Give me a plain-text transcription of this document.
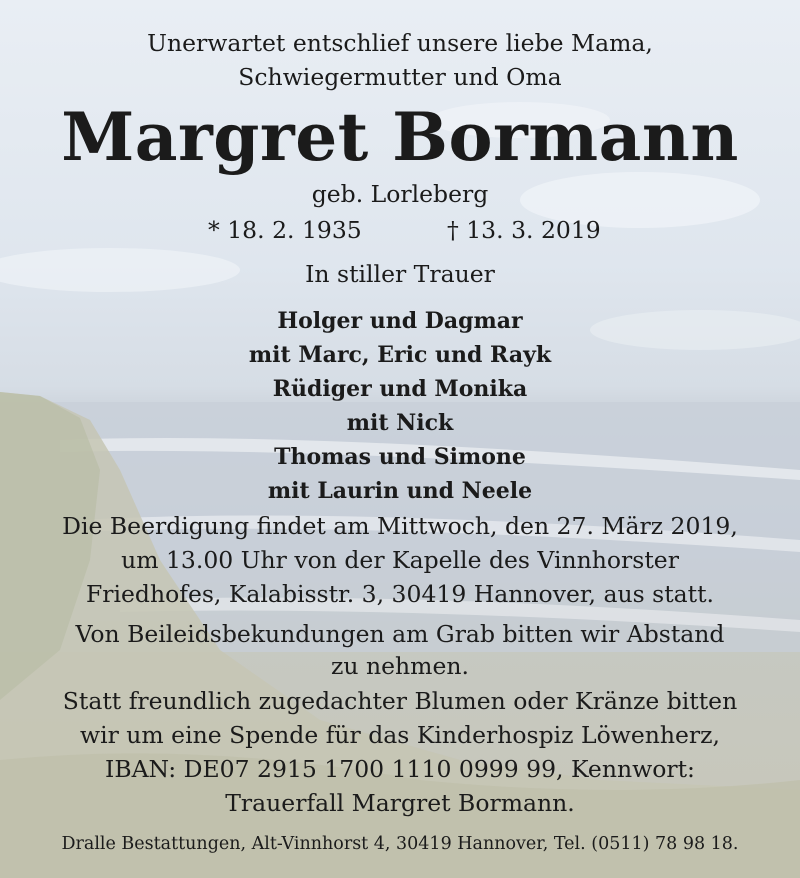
Unerwartet entschlief unsere liebe Mama,

Schwiegermutter und Oma

Margret Bormann

geb. Lorleberg

* 18. 2. 1935	† 13. 3. 2019

In stiller Trauer

Holger und Dagmar

mit Marc, Eric und Rayk

Rüdiger und Monika

mit Nick

Thomas und Simone

mit Laurin und Neele

Die Beerdigung findet am Mittwoch, den 27. März 2019,

um 13.00 Uhr von der Kapelle des Vinnhorster

Friedhofes, Kalabisstr. 3, 30419 Hannover, aus statt.

Von Beileidsbekundungen am Grab bitten wir Abstand

zu nehmen.

Statt freundlich zugedachter Blumen oder Kränze bitten

wir um eine Spende für das Kinderhospiz Löwenherz,

IBAN: DE07 2915 1700 1110 0999 99, Kennwort:

Trauerfall Margret Bormann.

Dralle Bestattungen, Alt-Vinnhorst 4, 30419 Hannover, Tel. (0511) 78 98 18.
